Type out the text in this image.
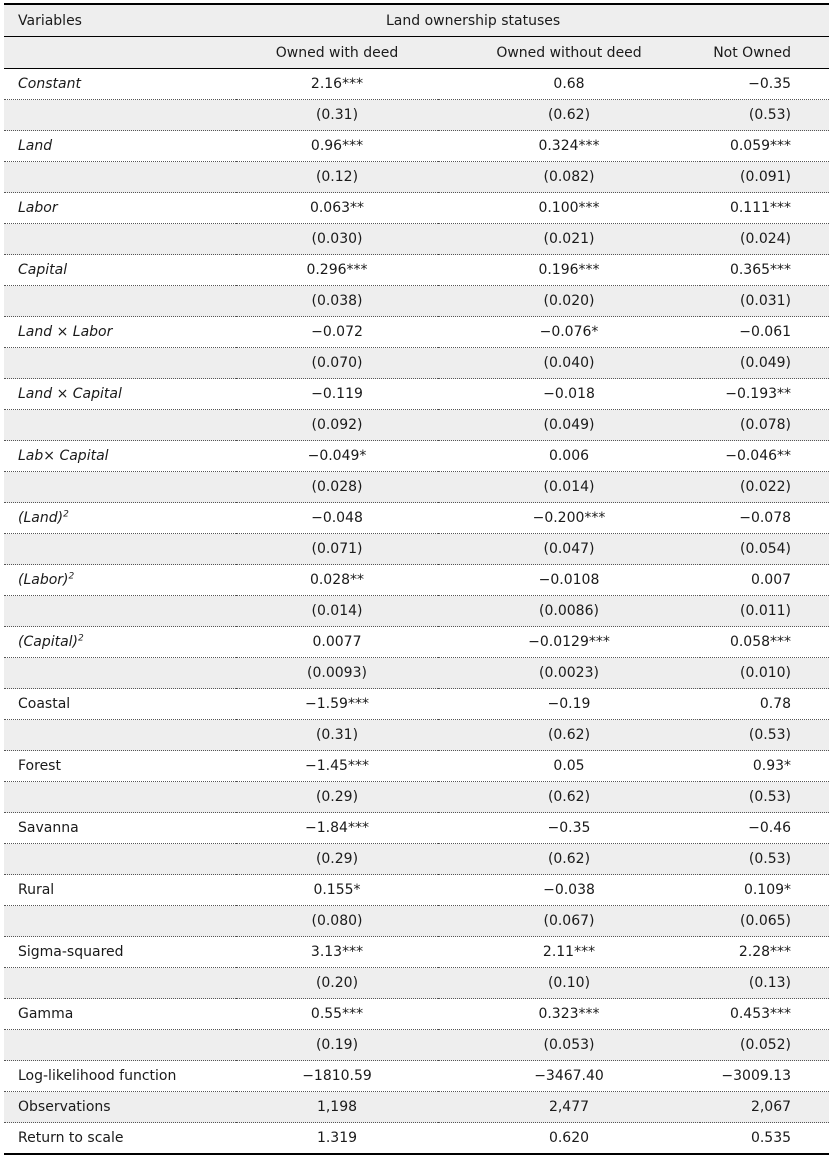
Variables	Land ownership statuses		
	Owned with deed	Owned without deed	Not Owned
Constant	2.16***	0.68	−0.35
	(0.31)	(0.62)	(0.53)
Land	0.96***	0.324***	0.059***
	(0.12)	(0.082)	(0.091)
Labor	0.063**	0.100***	0.111***
	(0.030)	(0.021)	(0.024)
Capital	0.296***	0.196***	0.365***
	(0.038)	(0.020)	(0.031)
Land × Labor	−0.072	−0.076*	−0.061
	(0.070)	(0.040)	(0.049)
Land × Capital	−0.119	−0.018	−0.193**
	(0.092)	(0.049)	(0.078)
Lab× Capital	−0.049*	0.006	−0.046**
	(0.028)	(0.014)	(0.022)
(Land)$^2$	−0.048	−0.200***	−0.078
	(0.071)	(0.047)	(0.054)
(Labor)$^2$	0.028**	−0.0108	0.007
	(0.014)	(0.0086)	(0.011)
(Capital)$^2$	0.0077	−0.0129***	0.058***
	(0.0093)	(0.0023)	(0.010)
Coastal	−1.59***	−0.19	0.78
	(0.31)	(0.62)	(0.53)
Forest	−1.45***	0.05	0.93*
	(0.29)	(0.62)	(0.53)
Savanna	−1.84***	−0.35	−0.46
	(0.29)	(0.62)	(0.53)
Rural	0.155*	−0.038	0.109*
	(0.080)	(0.067)	(0.065)
Sigma-squared	3.13***	2.11***	2.28***
	(0.20)	(0.10)	(0.13)
Gamma	0.55***	0.323***	0.453***
	(0.19)	(0.053)	(0.052)
Log-likelihood function	−1810.59	−3467.40	−3009.13
Observations	1,198	2,477	2,067
Return to scale	1.319	0.620	0.535
